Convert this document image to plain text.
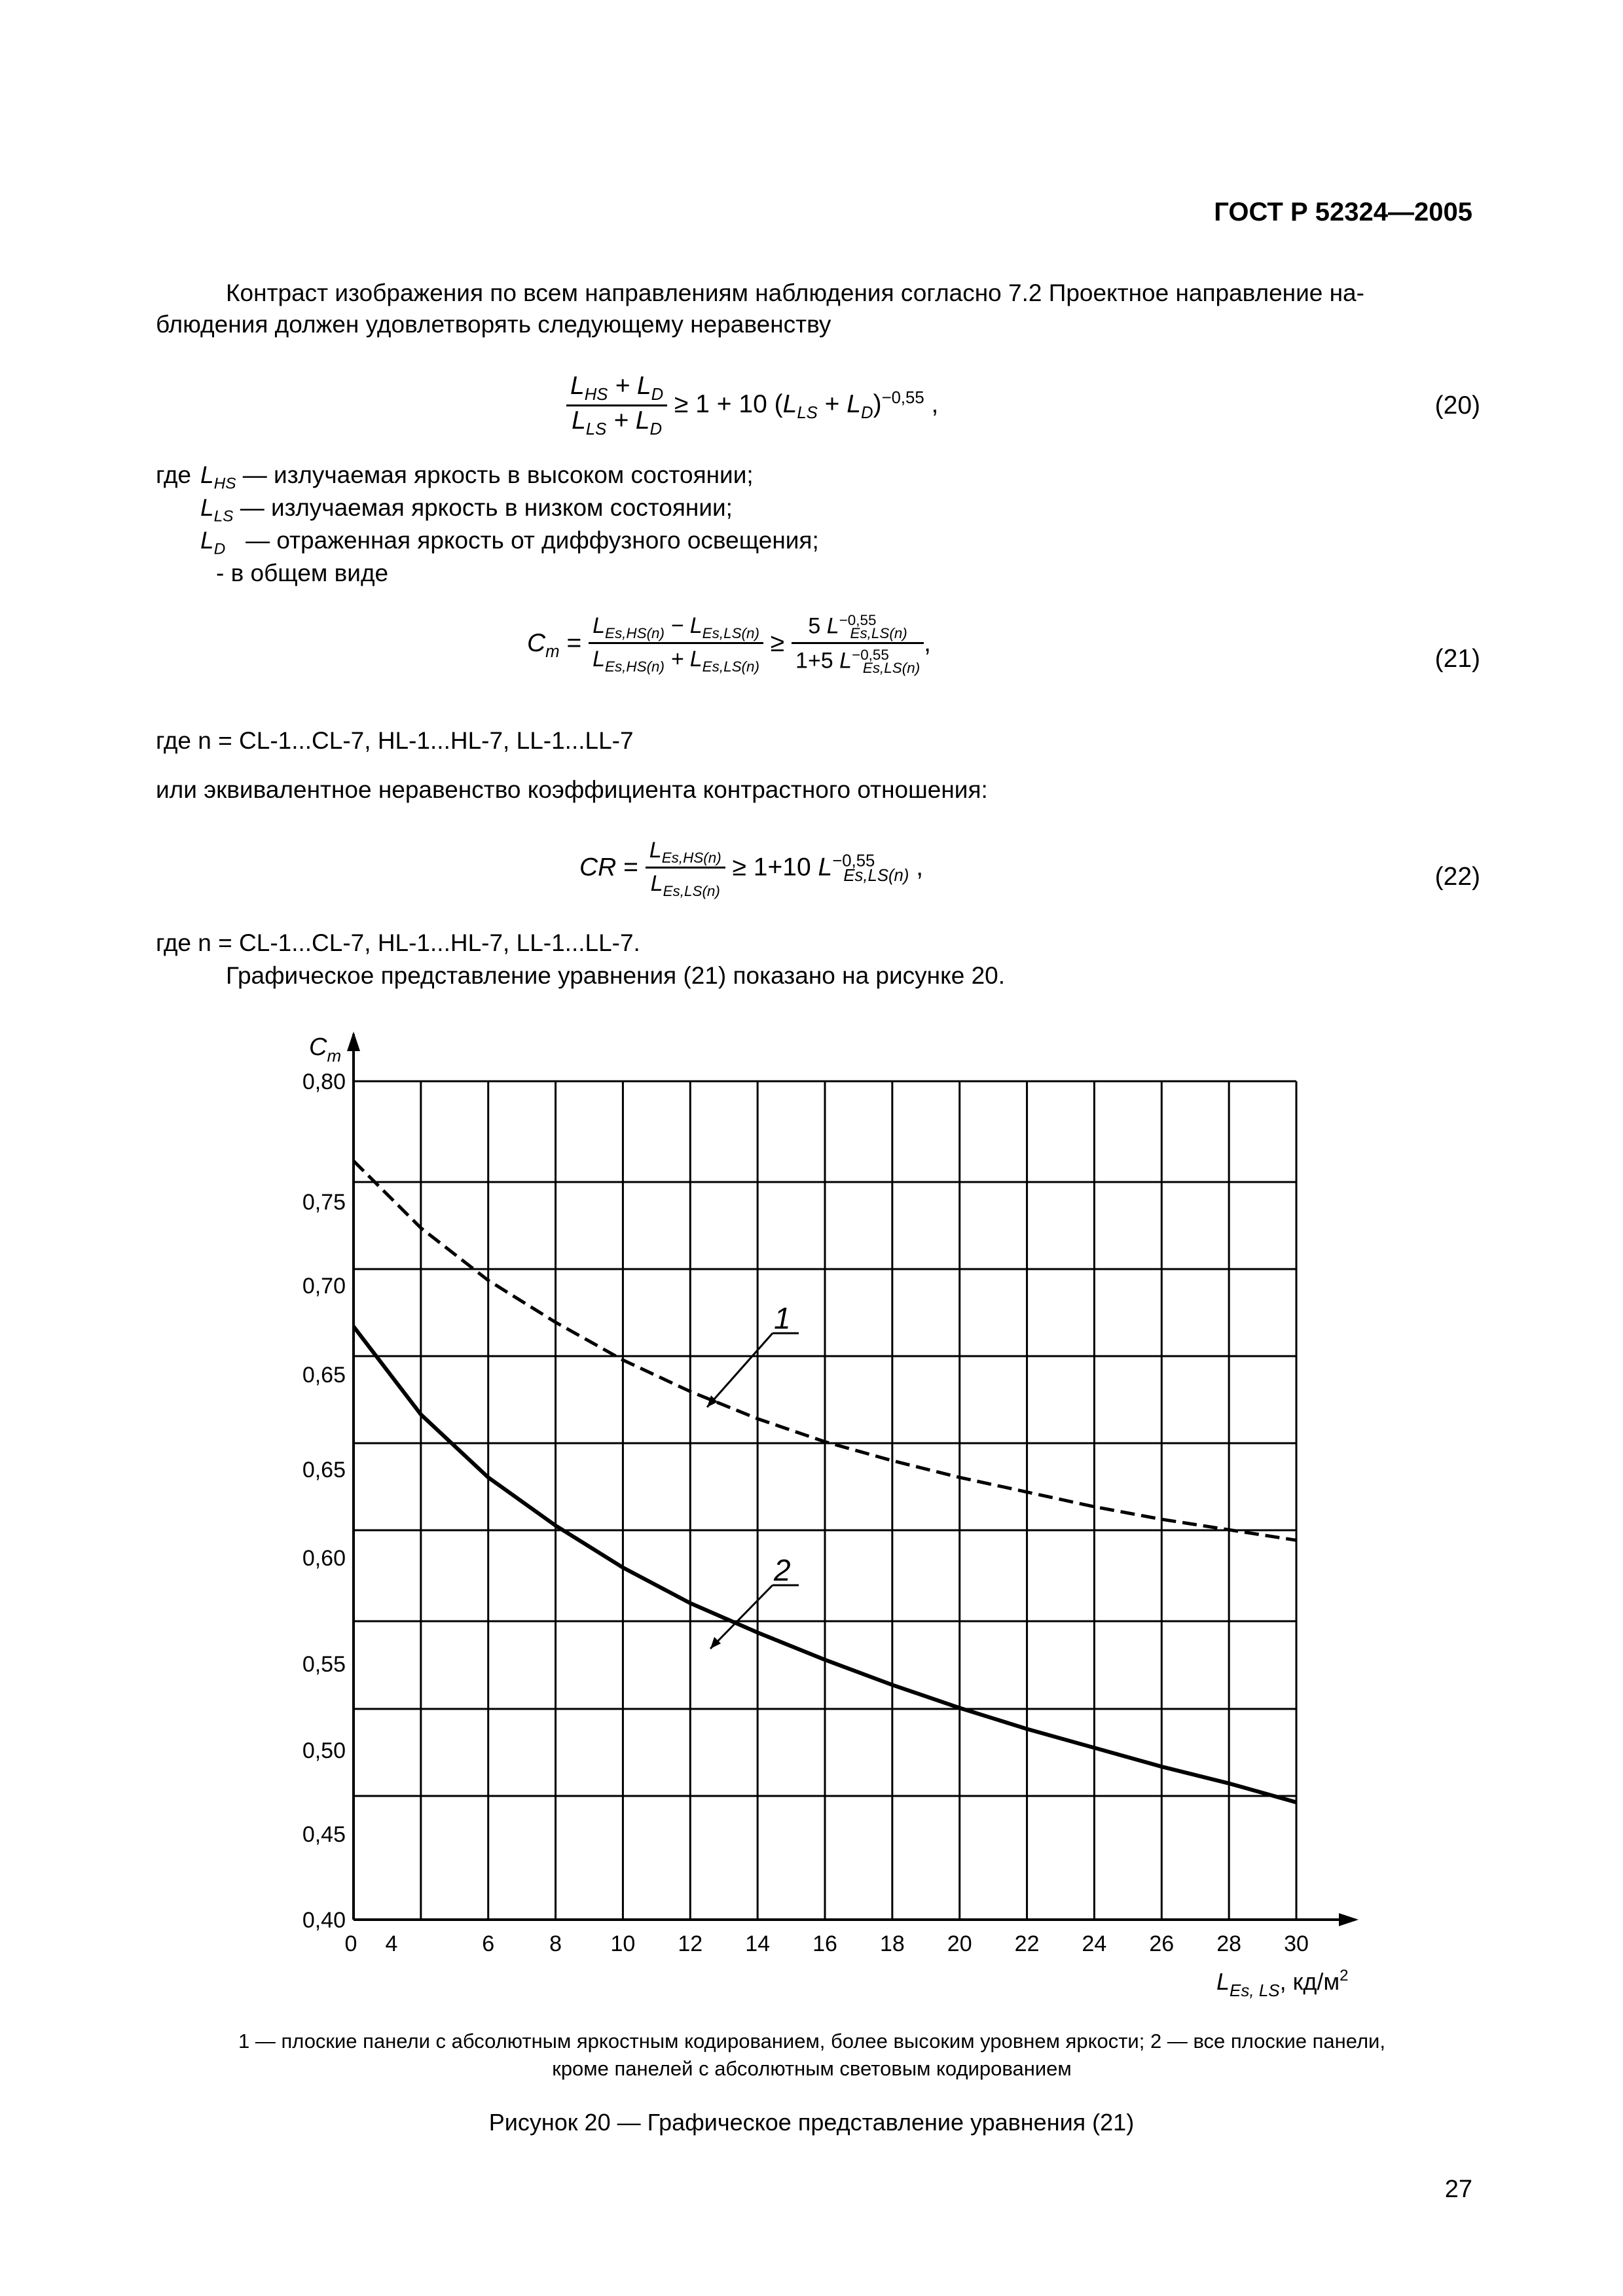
ГОСТ Р 52324—2005
Контраст изображения по всем направлениям наблюдения согласно 7.2 Проектное направление на-
блюдения должен удовлетворять следующему неравенству
$\frac{L_{HS} + L_D}{L_{LS} + L_D} \ge 1 + 10$ $(L_{LS} + L_D)^{-0,55}$ ,	(20)
где $L_{HS}$ — излучаемая яркость в высоком состоянии;
$L_{LS}$ — излучаемая яркость в низком состоянии;
$L_D$ — отраженная яркость от диффузного освещения;
- в общем виде
$C_m = \frac{L_{Es,HS(n)} - L_{Es,LS(n)}}{L_{Es,HS(n)} + L_{Es,LS(n)}} \ge \frac{5 L^{-0,55}_{Es,LS(n)}}{1+5 L^{-0,55}_{Es,LS(n)}}$ ,
(21)
где n = CL-1...CL-7, HL-1...HL-7, LL-1...LL-7
или эквивалентное неравенство коэффициента контрастного отношения:
CR = $\frac{L_{Es,HS(n)}}{L_{Es,LS(n)}} \ge 1+10$ $L^{-0,55}_{Es,LS(n)}$ ,	(22)
где n = CL-1...CL-7, HL-1...HL-7, LL-1...LL-7.
Графическое представление уравнения (21) показано на рисунке 20.
0,80
0,75
0,70
0,65
0,65
0,60
0,55
0,50
0,45
0,40
0 4	6 8 10 12 14 16 18 20 22 24 26 28 30
1
2
$C_m$
$L_{Es, LS}$, $кд/м^2$
1 — плоские панели с абсолютным яркостным кодированием, более высоким уровнем яркости; 2 — все плоские панели,
кроме панелей с абсолютным световым кодированием
Рисунок 20 — Графическое представление уравнения (21)
27
